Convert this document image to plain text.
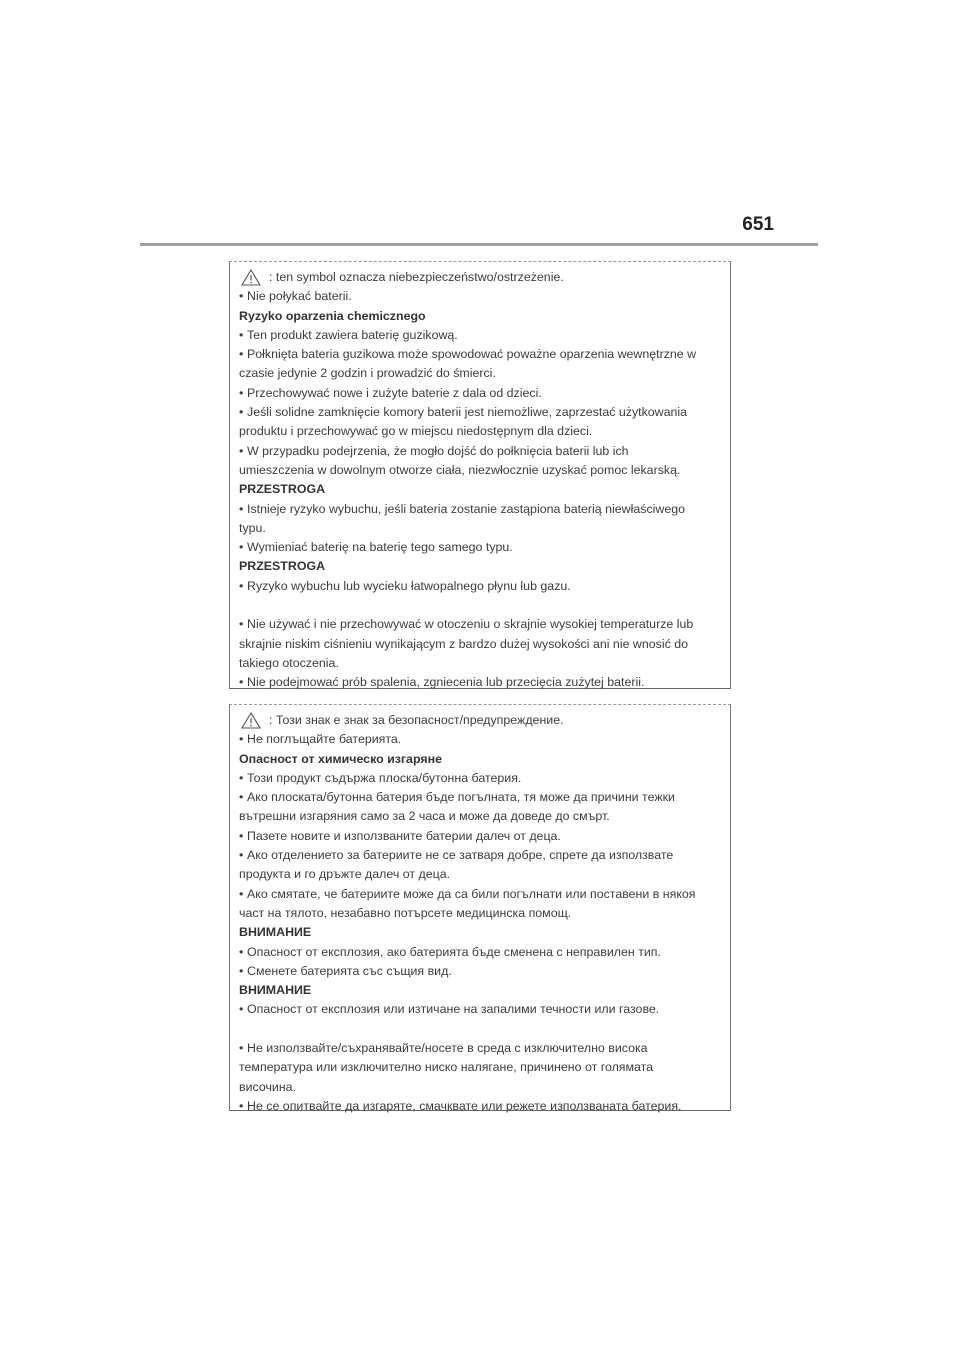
651
: ten symbol oznacza niebezpieczeństwo/ostrzeżenie.
• Nie połykać baterii.
Ryzyko oparzenia chemicznego
• Ten produkt zawiera baterię guzikową.
• Połknięta bateria guzikowa może spowodować poważne oparzenia wewnętrzne w
czasie jedynie 2 godzin i prowadzić do śmierci.
• Przechowywać nowe i zużyte baterie z dala od dzieci.
• Jeśli solidne zamknięcie komory baterii jest niemożliwe, zaprzestać użytkowania
produktu i przechowywać go w miejscu niedostępnym dla dzieci.
• W przypadku podejrzenia, że mogło dojść do połknięcia baterii lub ich
umieszczenia w dowolnym otworze ciała, niezwłocznie uzyskać pomoc lekarską.
PRZESTROGA
• Istnieje ryzyko wybuchu, jeśli bateria zostanie zastąpiona baterią niewłaściwego
typu.
• Wymieniać baterię na baterię tego samego typu.
PRZESTROGA
• Ryzyko wybuchu lub wycieku łatwopalnego płynu lub gazu.
• Nie używać i nie przechowywać w otoczeniu o skrajnie wysokiej temperaturze lub
skrajnie niskim ciśnieniu wynikającym z bardzo dużej wysokości ani nie wnosić do
takiego otoczenia.
• Nie podejmować prób spalenia, zgniecenia lub przecięcia zużytej baterii.
: Този знак е знак за безопасност/предупреждение.
• Не поглъщайте батерията.
Опасност от химическо изгаряне
• Този продукт съдържа плоска/бутонна батерия.
• Ако плоската/бутонна батерия бъде погълната, тя може да причини тежки
вътрешни изгаряния само за 2 часа и може да доведе до смърт.
• Пазете новите и използваните батерии далеч от деца.
• Ако отделението за батериите не се затваря добре, спрете да използвате
продукта и го дръжте далеч от деца.
• Ако смятате, че батериите може да са били погълнати или поставени в някоя
част на тялото, незабавно потърсете медицинска помощ.
ВНИМАНИЕ
• Опасност от експлозия, ако батерията бъде сменена с неправилен тип.
• Сменете батерията със същия вид.
ВНИМАНИЕ
• Опасност от експлозия или изтичане на запалими течности или газове.
• Не използвайте/съхранявайте/носете в среда с изключително висока
температура или изключително ниско налягане, причинено от голямата
височина.
• Не се опитвайте да изгаряте, смачквате или режете използваната батерия.
